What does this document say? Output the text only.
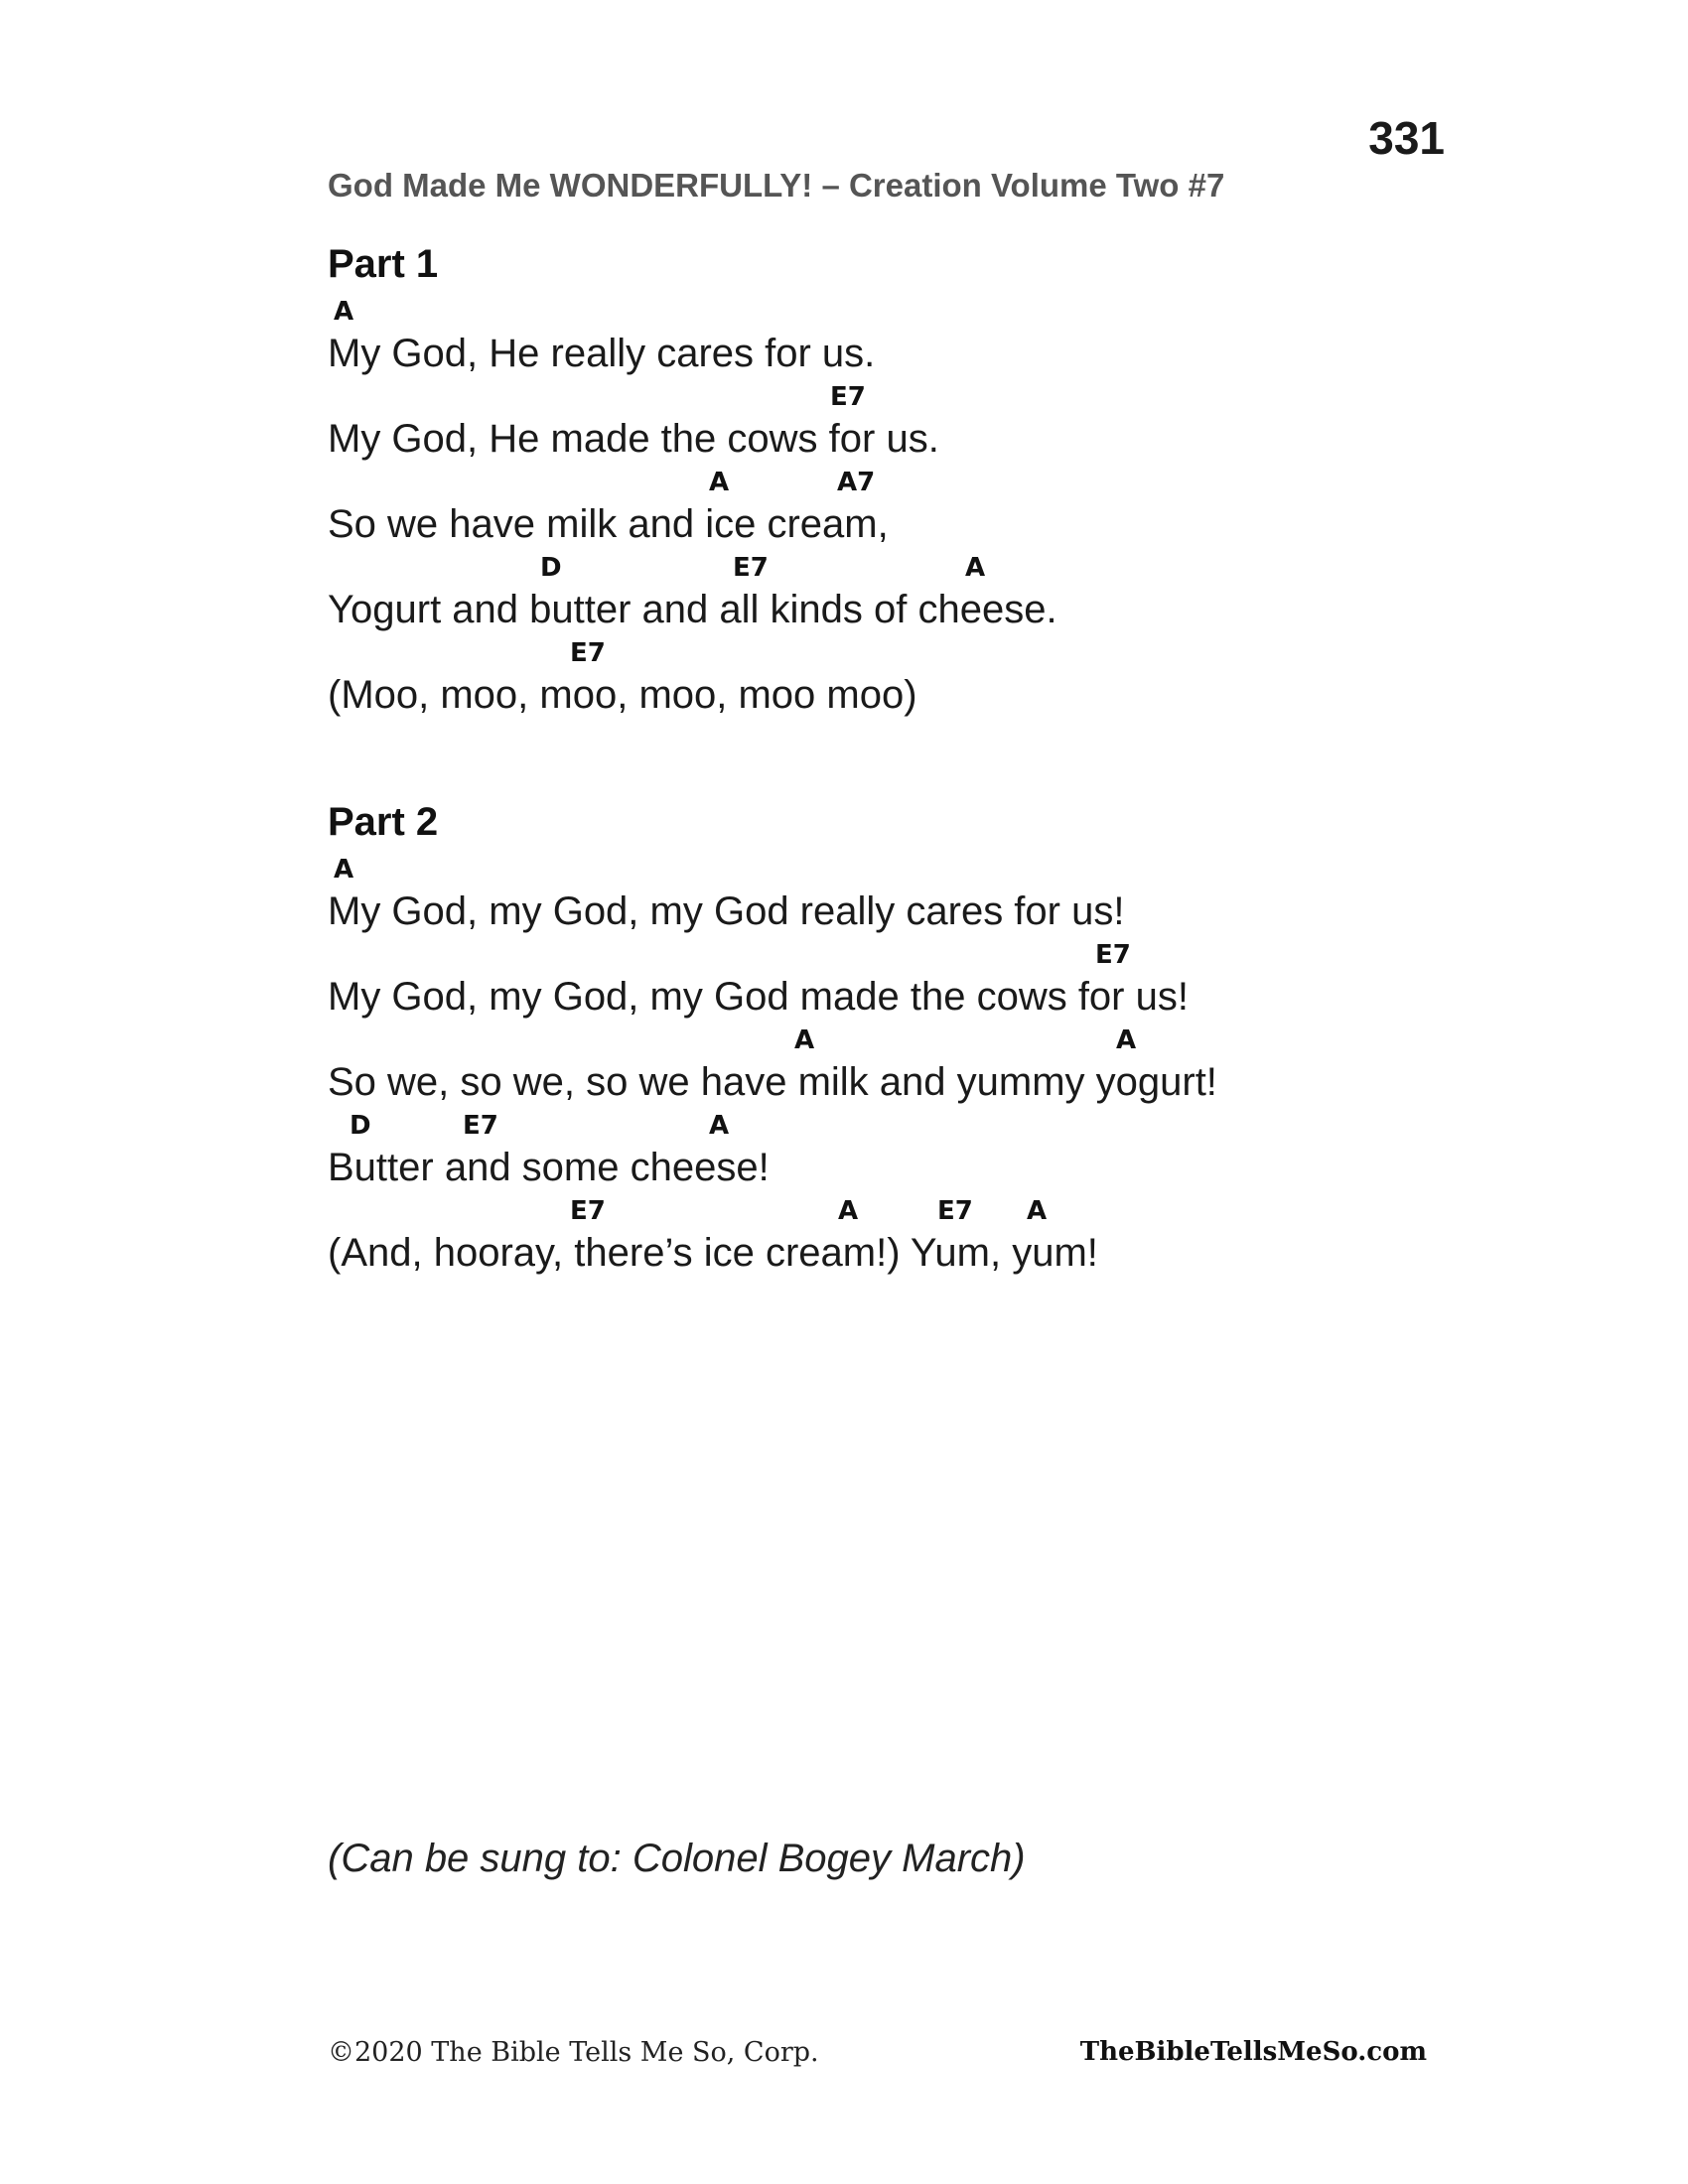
331
God Made Me WONDERFULLY! – Creation Volume Two #7
Part 1
A
My God, He really cares for us.
E7
My God, He made the cows for us.
A	A7
So we have milk and ice cream,
D	E7	A
Yogurt and butter and all kinds of cheese.
E7
(Moo, moo, moo, moo, moo moo)
Part 2
A
My God, my God, my God really cares for us!
E7
My God, my God, my God made the cows for us!
A	A
So we, so we, so we have milk and yummy yogurt!
D	E7	A
Butter and some cheese!
E7	A	E7 A
(And, hooray, there’s ice cream!) Yum, yum!
(Can be sung to: Colonel Bogey March)
©2020 The Bible Tells Me So, Corp.	TheBibleTellsMeSo.com
